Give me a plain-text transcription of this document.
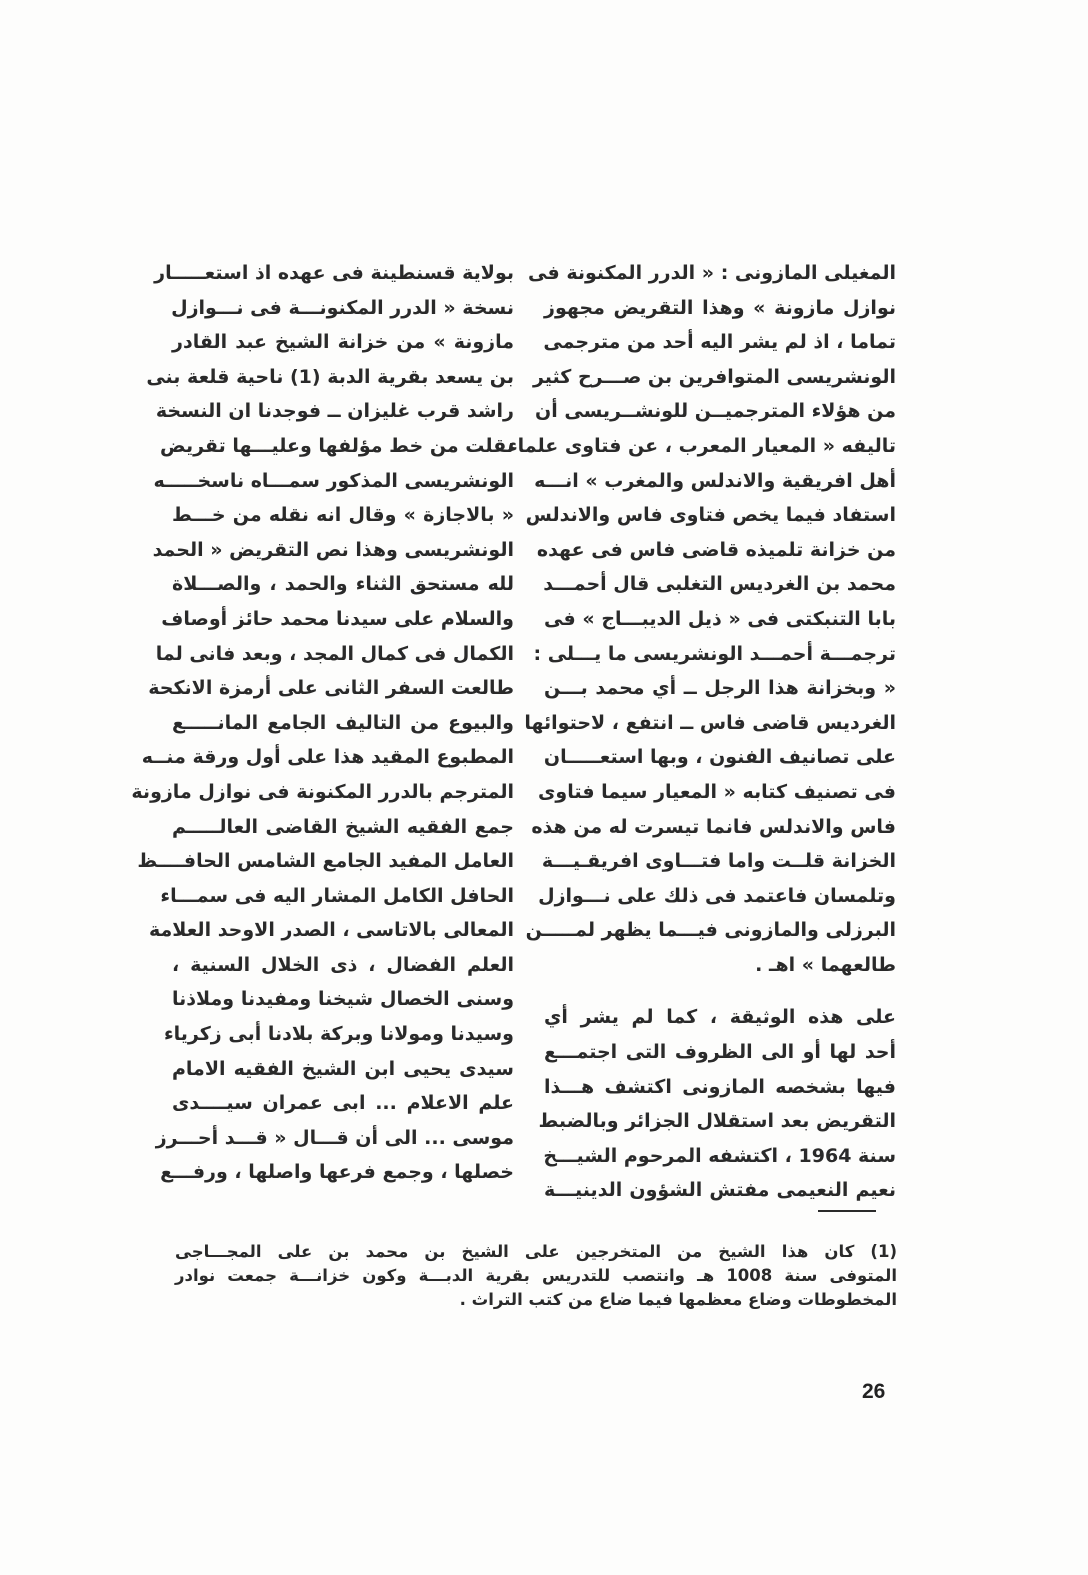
المغيلى المازونى : « الدرر المكنونة فى
نوازل مازونة » وهذا التقريض مجهوز
تماما ، اذ لم يشر اليه أحد من مترجمى
الونشريسى المتوافرين بن صـــرح كثير
من هؤلاء المترجميــن للونشــريسى أن
تاليفه « المعيار المعرب ، عن فتاوى علماء
أهل افريقية والاندلس والمغرب » انـــه
استفاد فيما يخص فتاوى فاس والاندلس
من خزانة تلميذه قاضى فاس فى عهده
محمد بن الغرديس التغلبى قال أحمـــد
بابا التنبكتى فى « ذيل الديبـــاج » فى
ترجمـــة أحمـــد الونشريسى ما يـــلى :
« وبخزانة هذا الرجل ــ أي محمد بـــن
الغرديس قاضى فاس ــ انتفع ، لاحتوائها
على تصانيف الفنون ، وبها استعـــــان
فى تصنيف كتابه « المعيار سيما فتاوى
فاس والاندلس فانما تيسرت له من هذه
الخزانة قلــت واما فتـــاوى افريقـيـــة
وتلمسان فاعتمد فى ذلك على نـــوازل
البرزلى والمازونى فيـــما يظهر لمـــــن
طالعهما » اهـ .
على هذه الوثيقة ، كما لم يشر أي
أحد لها أو الى الظروف التى اجتمـــع
فيها بشخصه المازونى اكتشف هـــذا
التقريض بعد استقلال الجزائر وبالضبط
سنة 1964 ، اكتشفه المرحوم الشيـــخ
نعيم النعيمى مفتش الشؤون الدينيـــة
بولاية قسنطينة فى عهده اذ استعـــــار
نسخة « الدرر المكنونـــة فى نـــوازل
مازونة » من خزانة الشيخ عبد القادر
بن يسعد بقرية الدبة (1) ناحية قلعة بنى
راشد قرب غليزان ــ فوجدنا ان النسخة
نقلت من خط مؤلفها وعليـــها تقريض
الونشريسى المذكور سمـــاه ناسخـــــه
« بالاجازة » وقال انه نقله من خـــط
الونشريسى وهذا نص التقريض « الحمد
لله مستحق الثناء والحمد ، والصـــلاة
والسلام على سيدنا محمد حائز أوصاف
الكمال فى كمال المجد ، وبعد فانى لما
طالعت السفر الثانى على أرمزة الانكحة
والبيوع من التاليف الجامع المانـــــع
المطبوع المقيد هذا على أول ورقة منــه
المترجم بالدرر المكنونة فى نوازل مازونة
جمع الفقيه الشيخ القاضى العالـــــم
العامل المفيد الجامع الشامس الحافــــظ
الحافل الكامل المشار اليه فى سمـــاء
المعالى بالاتاسى ، الصدر الاوحد العلامة
العلم الفضال ، ذى الخلال السنية ،
وسنى الخصال شيخنا ومفيدنا وملاذنا
وسيدنا ومولانا وبركة بلادنا أبى زكرياء
سيدى يحيى ابن الشيخ الفقيه الامام
علم الاعلام ... ابى عمران سيــــدى
موسى ... الى أن قـــال « قـــد أحـــرز
خصلها ، وجمع فرعها واصلها ، ورفـــع
(1) كان هذا الشيخ من المتخرجين على الشيخ بن محمد بن على المجـــاجى
المتوفى سنة 1008 هـ وانتصب للتدريس بقرية الدبـــة وكون خزانـــة جمعت نوادر
المخطوطات وضاع معظمها فيما ضاع من كتب التراث .
26
